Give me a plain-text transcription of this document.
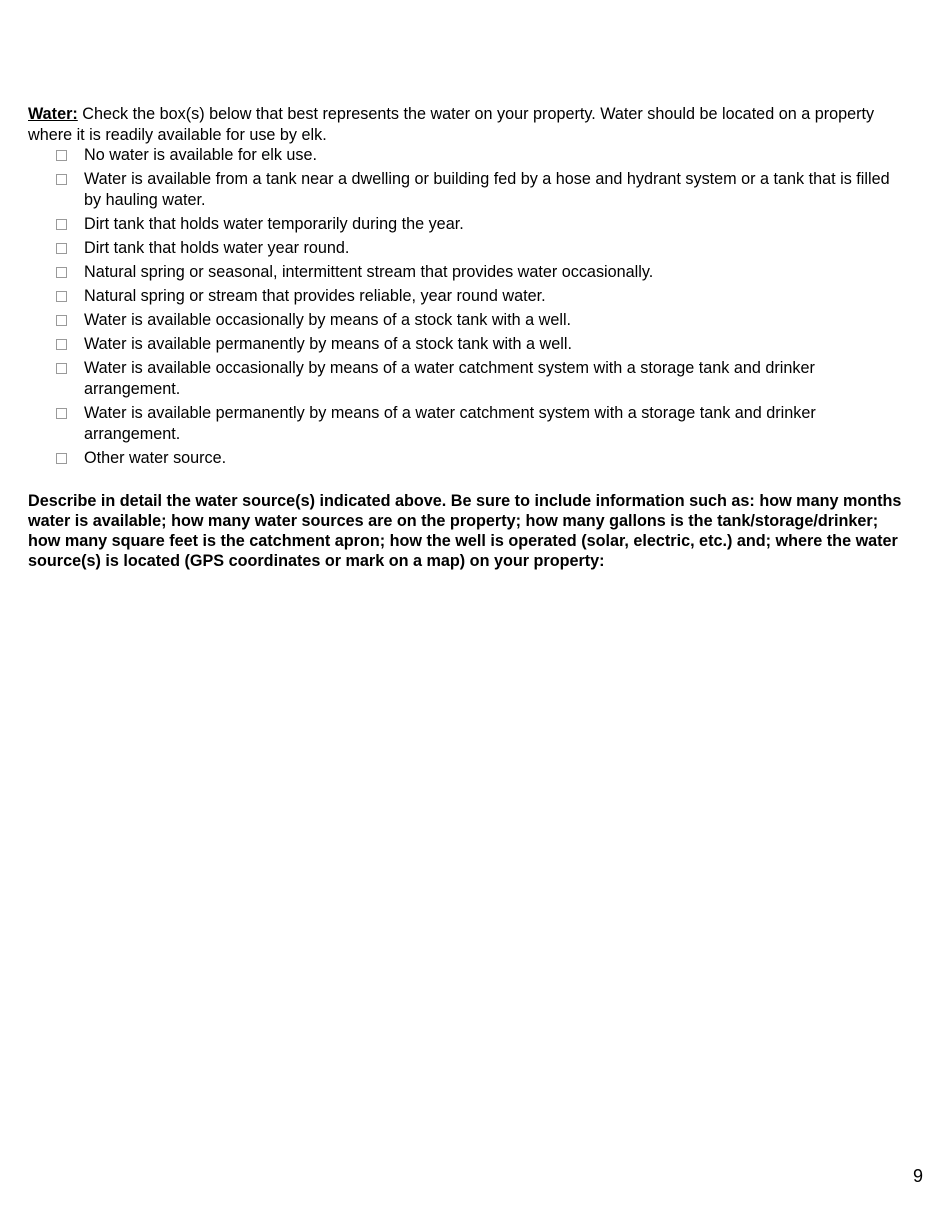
Water: Check the box(s) below that best represents the water on your property. Water should be located on a property where it is readily available for use by elk.

No water is available for elk use.
Water is available from a tank near a dwelling or building fed by a hose and hydrant system or a tank that is filled by hauling water.
Dirt tank that holds water temporarily during the year.
Dirt tank that holds water year round.
Natural spring or seasonal, intermittent stream that provides water occasionally.
Natural spring or stream that provides reliable, year round water.
Water is available occasionally by means of a stock tank with a well.
Water is available permanently by means of a stock tank with a well.
Water is available occasionally by means of a water catchment system with a storage tank and drinker arrangement.
Water is available permanently by means of a water catchment system with a storage tank and drinker arrangement.
Other water source.

Describe in detail the water source(s) indicated above. Be sure to include information such as: how many months water is available; how many water sources are on the property; how many gallons is the tank/storage/drinker; how many square feet is the catchment apron; how the well is operated (solar, electric, etc.) and; where the water source(s) is located (GPS coordinates or mark on a map) on your property:

9
